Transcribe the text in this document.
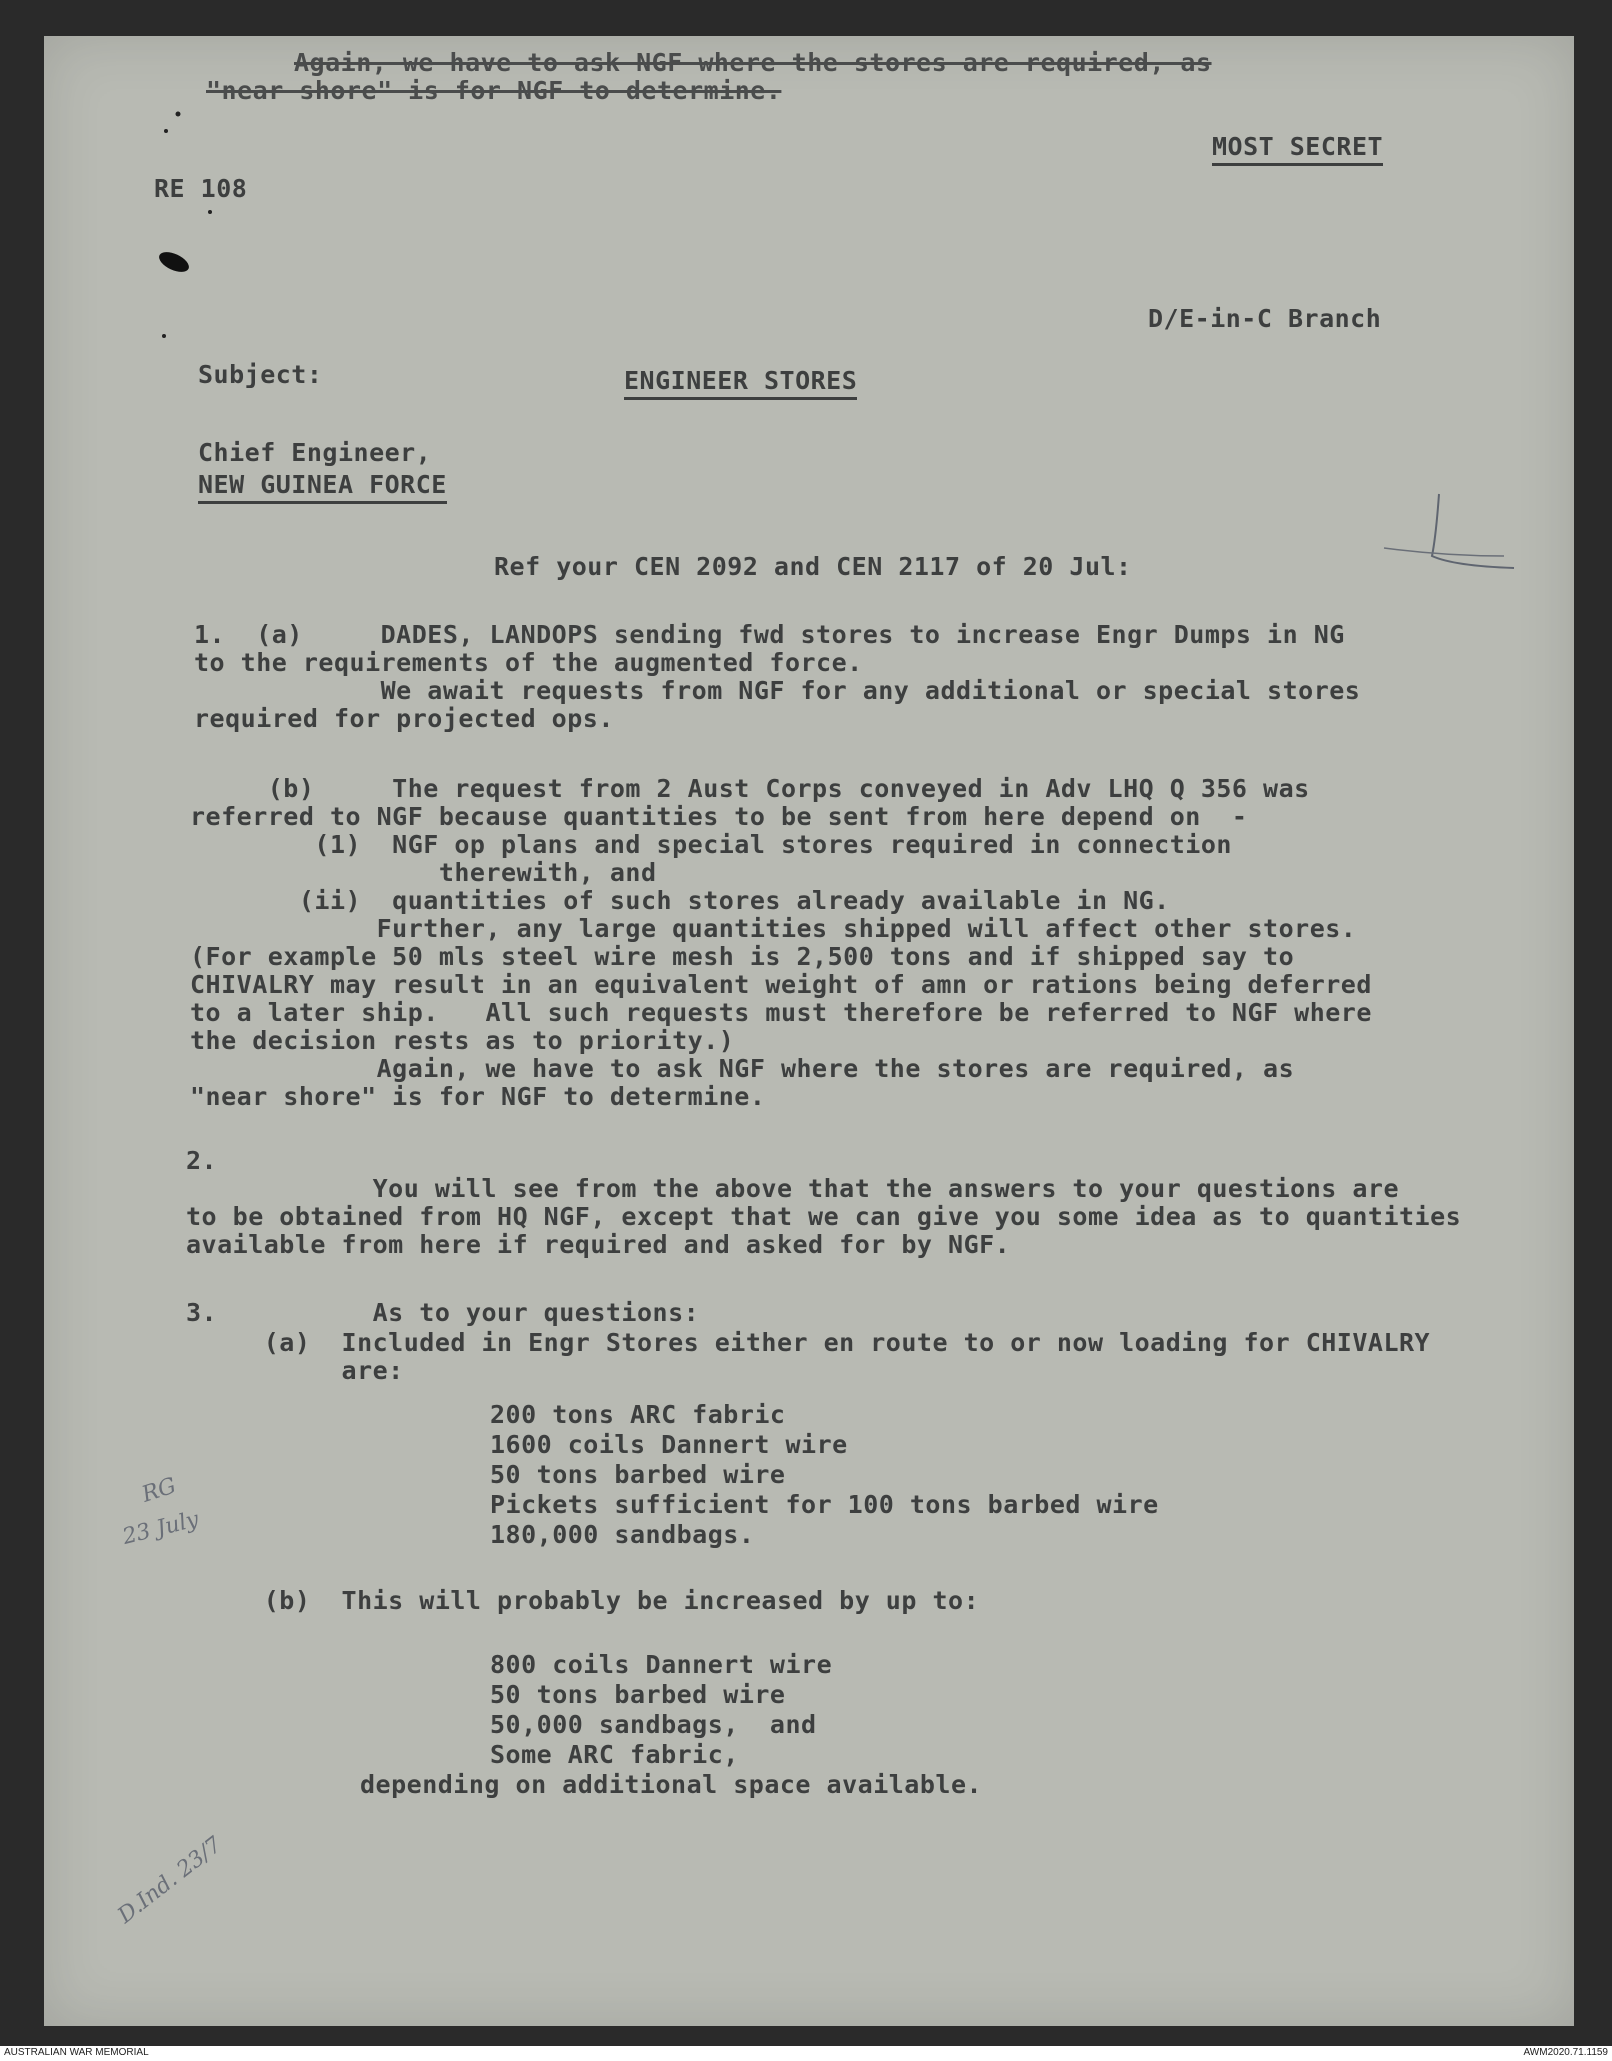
Again, we have to ask NGF where the stores are required, as
"near shore" is for NGF to determine.
MOST SECRET
RE 108
D/E-in-C Branch
Subject:	ENGINEER STORES
Chief Engineer,
NEW GUINEA FORCE
Ref your CEN 2092 and CEN 2117 of 20 Jul:
1.  (a)     DADES, LANDOPS sending fwd stores to increase Engr Dumps in NG
to the requirements of the augmented force.
We await requests from NGF for any additional or special stores
required for projected ops.
(b)     The request from 2 Aust Corps conveyed in Adv LHQ Q 356 was
referred to NGF because quantities to be sent from here depend on  -
(1)  NGF op plans and special stores required in connection
therewith, and
(ii)  quantities of such stores already available in NG.
Further, any large quantities shipped will affect other stores.
(For example 50 mls steel wire mesh is 2,500 tons and if shipped say to
CHIVALRY may result in an equivalent weight of amn or rations being deferred
to a later ship.   All such requests must therefore be referred to NGF where
the decision rests as to priority.)
Again, we have to ask NGF where the stores are required, as
"near shore" is for NGF to determine.
2.
You will see from the above that the answers to your questions are
to be obtained from HQ NGF, except that we can give you some idea as to quantities
available from here if required and asked for by NGF.
3.          As to your questions:
(a)  Included in Engr Stores either en route to or now loading for CHIVALRY
are:
200 tons ARC fabric
1600 coils Dannert wire
50 tons barbed wire
Pickets sufficient for 100 tons barbed wire
180,000 sandbags.
(b)  This will probably be increased by up to:
800 coils Dannert wire
50 tons barbed wire
50,000 sandbags,  and
Some ARC fabric,
depending on additional space available.
RG
23 July
D.Ind. 23/7
AUSTRALIAN WAR MEMORIAL	AWM2020.71.1159
